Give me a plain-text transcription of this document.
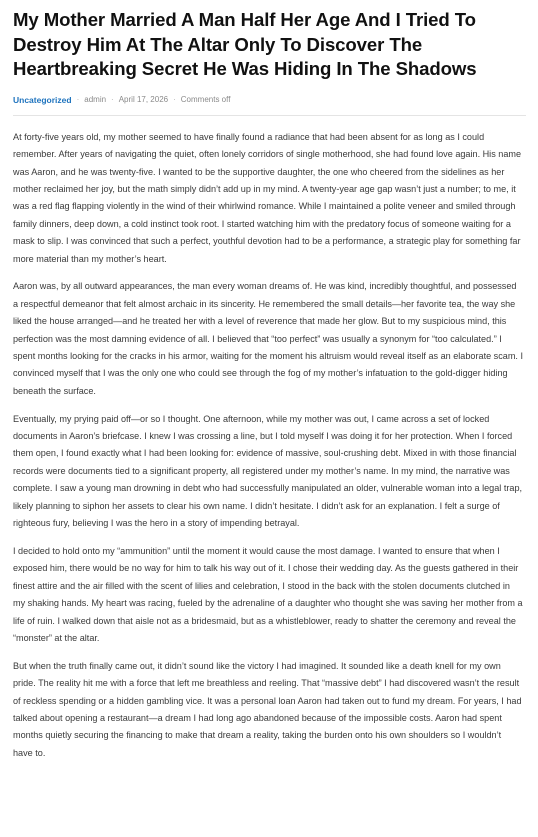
My Mother Married A Man Half Her Age And I Tried To Destroy Him At The Altar Only To Discover The Heartbreaking Secret He Was Hiding In The Shadows
Uncategorized · admin · April 17, 2026 · Comments off

At forty-five years old, my mother seemed to have finally found a radiance that had been absent for as long as I could remember. After years of navigating the quiet, often lonely corridors of single motherhood, she had found love again. His name was Aaron, and he was twenty-five. I wanted to be the supportive daughter, the one who cheered from the sidelines as her mother reclaimed her joy, but the math simply didn’t add up in my mind. A twenty-year age gap wasn’t just a number; to me, it was a red flag flapping violently in the wind of their whirlwind romance. While I maintained a polite veneer and smiled through family dinners, deep down, a cold instinct took root. I started watching him with the predatory focus of someone waiting for a mask to slip. I was convinced that such a perfect, youthful devotion had to be a performance, a strategic play for something far more material than my mother’s heart.

Aaron was, by all outward appearances, the man every woman dreams of. He was kind, incredibly thoughtful, and possessed a respectful demeanor that felt almost archaic in its sincerity. He remembered the small details—her favorite tea, the way she liked the house arranged—and he treated her with a level of reverence that made her glow. But to my suspicious mind, this perfection was the most damning evidence of all. I believed that “too perfect” was usually a synonym for “too calculated.” I spent months looking for the cracks in his armor, waiting for the moment his altruism would reveal itself as an elaborate scam. I convinced myself that I was the only one who could see through the fog of my mother’s infatuation to the gold-digger hiding beneath the surface.

Eventually, my prying paid off—or so I thought. One afternoon, while my mother was out, I came across a set of locked documents in Aaron’s briefcase. I knew I was crossing a line, but I told myself I was doing it for her protection. When I forced them open, I found exactly what I had been looking for: evidence of massive, soul-crushing debt. Mixed in with those financial records were documents tied to a significant property, all registered under my mother’s name. In my mind, the narrative was complete. I saw a young man drowning in debt who had successfully manipulated an older, vulnerable woman into a legal trap, likely planning to siphon her assets to clear his own name. I didn’t hesitate. I didn’t ask for an explanation. I felt a surge of righteous fury, believing I was the hero in a story of impending betrayal.

I decided to hold onto my “ammunition” until the moment it would cause the most damage. I wanted to ensure that when I exposed him, there would be no way for him to talk his way out of it. I chose their wedding day. As the guests gathered in their finest attire and the air filled with the scent of lilies and celebration, I stood in the back with the stolen documents clutched in my shaking hands. My heart was racing, fueled by the adrenaline of a daughter who thought she was saving her mother from a life of ruin. I walked down that aisle not as a bridesmaid, but as a whistleblower, ready to shatter the ceremony and reveal the “monster” at the altar.

But when the truth finally came out, it didn’t sound like the victory I had imagined. It sounded like a death knell for my own pride. The reality hit me with a force that left me breathless and reeling. That “massive debt” I had discovered wasn’t the result of reckless spending or a hidden gambling vice. It was a personal loan Aaron had taken out to fund my dream. For years, I had talked about opening a restaurant—a dream I had long ago abandoned because of the impossible costs. Aaron had spent months quietly securing the financing to make that dream a reality, taking the burden onto his own shoulders so I wouldn’t have to.
